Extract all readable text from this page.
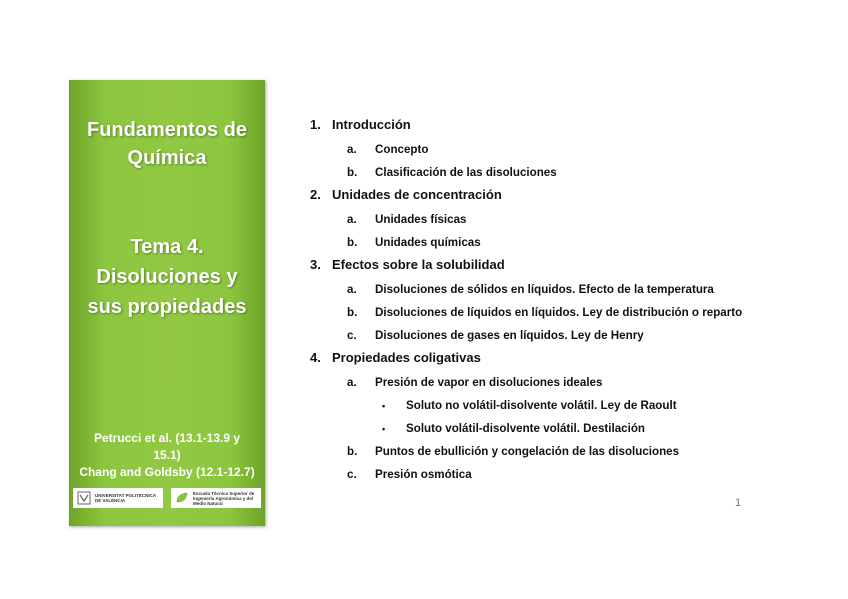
Fundamentos de Química
Tema 4.
Disoluciones y
sus propiedades
Petrucci et al. (13.1-13.9 y
15.1)
Chang and Goldsby (12.1-12.7)
UNIVERSITAT POLITÈCNICA DE VALÈNCIA
Escuela Técnica Superior de Ingeniería Agronómica y del Medio Natural
1. Introducción
a.	Concepto
b.	Clasificación de las disoluciones
2. Unidades de concentración
a.	Unidades físicas
b.	Unidades químicas
3. Efectos sobre la solubilidad
a.	Disoluciones de sólidos en líquidos. Efecto de la temperatura
b.	Disoluciones de líquidos en líquidos. Ley de distribución o reparto
c.	Disoluciones de gases en líquidos. Ley de Henry
4. Propiedades coligativas
a.	Presión de vapor en disoluciones ideales
•	Soluto no volátil-disolvente volátil. Ley de Raoult
•	Soluto volátil-disolvente volátil. Destilación
b.	Puntos de ebullición y congelación de las disoluciones
c.	Presión osmótica
1
